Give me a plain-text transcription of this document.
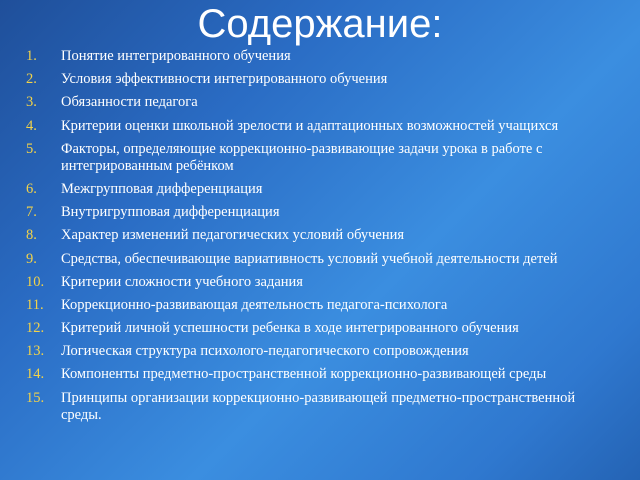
Содержание:
1. Понятие интегрированного обучения
2. Условия эффективности интегрированного обучения
3. Обязанности педагога
4. Критерии оценки школьной зрелости и адаптационных возможностей учащихся
5. Факторы, определяющие коррекционно-развивающие задачи урока в работе с интегрированным ребёнком
6. Межгрупповая дифференциация
7. Внутригрупповая дифференциация
8. Характер изменений педагогических условий обучения
9. Средства, обеспечивающие вариативность условий учебной деятельности детей
10. Критерии сложности учебного задания
11. Коррекционно-развивающая деятельность педагога-психолога
12. Критерий личной успешности ребенка в ходе интегрированного обучения
13. Логическая структура психолого-педагогического сопровождения
14. Компоненты предметно-пространственной коррекционно-развивающей среды
15. Принципы организации коррекционно-развивающей предметно-пространственной среды.
